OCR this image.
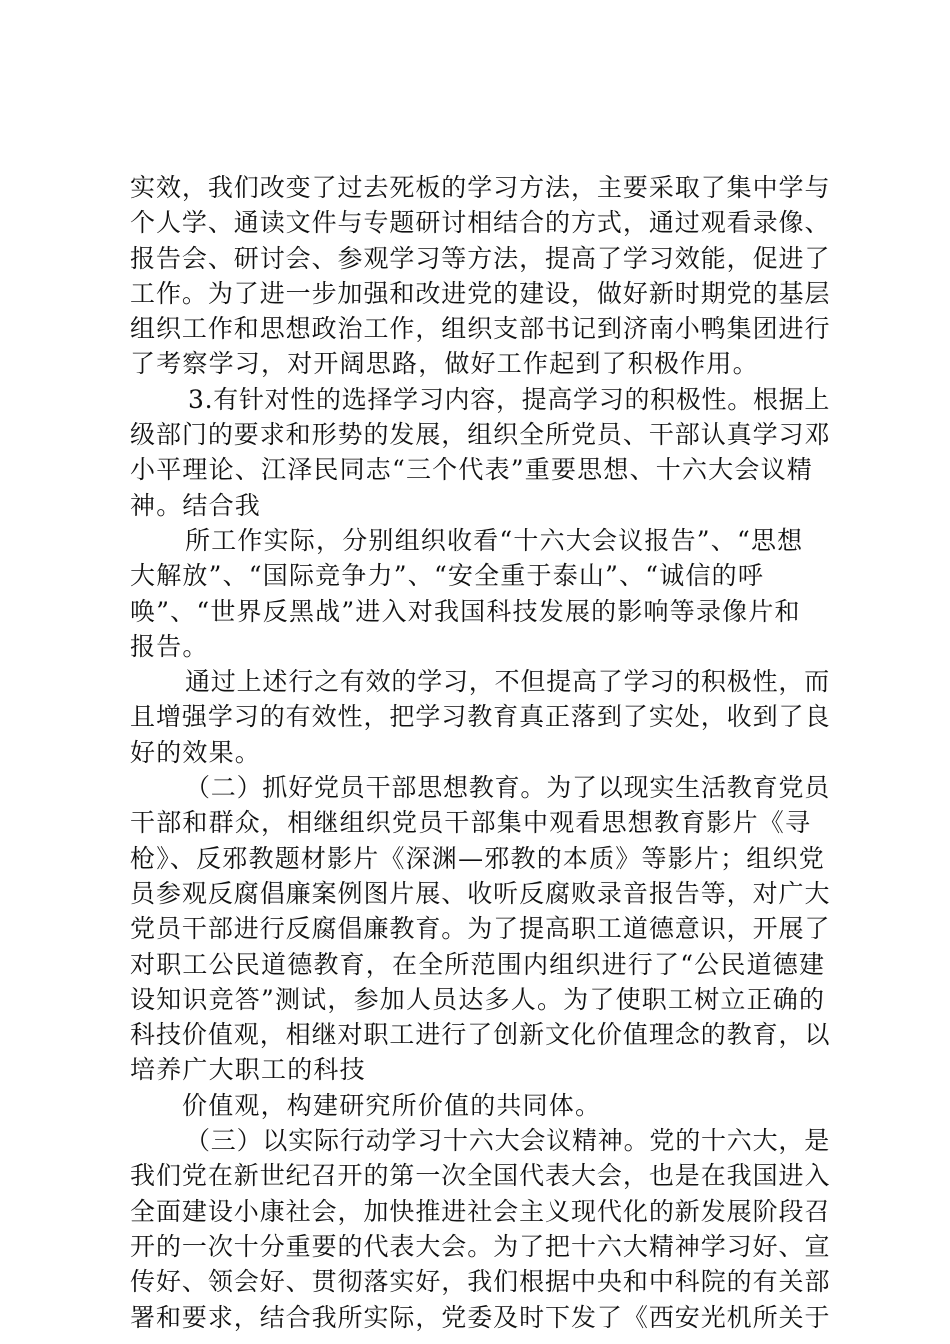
实效，我们改变了过去死板的学习方法，主要采取了集中学与
个人学、通读文件与专题研讨相结合的方式，通过观看录像、
报告会、研讨会、参观学习等方法，提高了学习效能，促进了
工作。为了进一步加强和改进党的建设，做好新时期党的基层
组织工作和思想政治工作，组织支部书记到济南小鸭集团进行
了考察学习，对开阔思路，做好工作起到了积极作用。
3.有针对性的选择学习内容，提高学习的积极性。根据上
级部门的要求和形势的发展，组织全所党员、干部认真学习邓
小平理论、江泽民同志“三个代表”重要思想、十六大会议精
神。结合我
所工作实际，分别组织收看“十六大会议报告”、“思想
大解放”、“国际竞争力”、“安全重于泰山”、“诚信的呼
唤”、“世界反黑战”进入对我国科技发展的影响等录像片和
报告。
通过上述行之有效的学习，不但提高了学习的积极性，而
且增强学习的有效性，把学习教育真正落到了实处，收到了良
好的效果。
（二）抓好党员干部思想教育。为了以现实生活教育党员
干部和群众，相继组织党员干部集中观看思想教育影片《寻
枪》、反邪教题材影片《深渊—邪教的本质》等影片；组织党
员参观反腐倡廉案例图片展、收听反腐败录音报告等，对广大
党员干部进行反腐倡廉教育。为了提高职工道德意识，开展了
对职工公民道德教育，在全所范围内组织进行了“公民道德建
设知识竞答”测试，参加人员达多人。为了使职工树立正确的
科技价值观，相继对职工进行了创新文化价值理念的教育，以
培养广大职工的科技
价值观，构建研究所价值的共同体。
（三）以实际行动学习十六大会议精神。党的十六大，是
我们党在新世纪召开的第一次全国代表大会，也是在我国进入
全面建设小康社会，加快推进社会主义现代化的新发展阶段召
开的一次十分重要的代表大会。为了把十六大精神学习好、宣
传好、领会好、贯彻落实好，我们根据中央和中科院的有关部
署和要求，结合我所实际，党委及时下发了《西安光机所关于
